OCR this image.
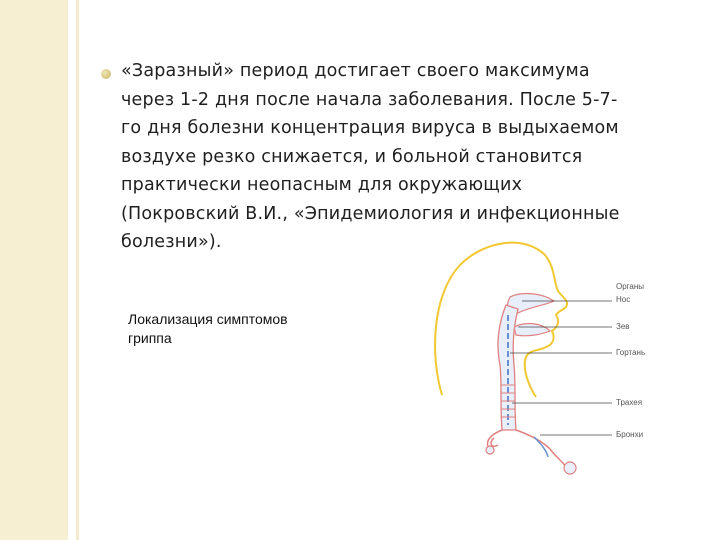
«Заразный» период достигает своего максимума
через 1-2 дня после начала заболевания. После 5-7-
го дня болезни концентрация вируса в выдыхаемом
воздухе резко снижается, и больной становится
практически неопасным для окружающих
(Покровский В.И., «Эпидемиология и инфекционные
болезни»).
Локализация симптомов
гриппа
Органы
Нос
Зев
Гортань
Трахея
Бронхи
